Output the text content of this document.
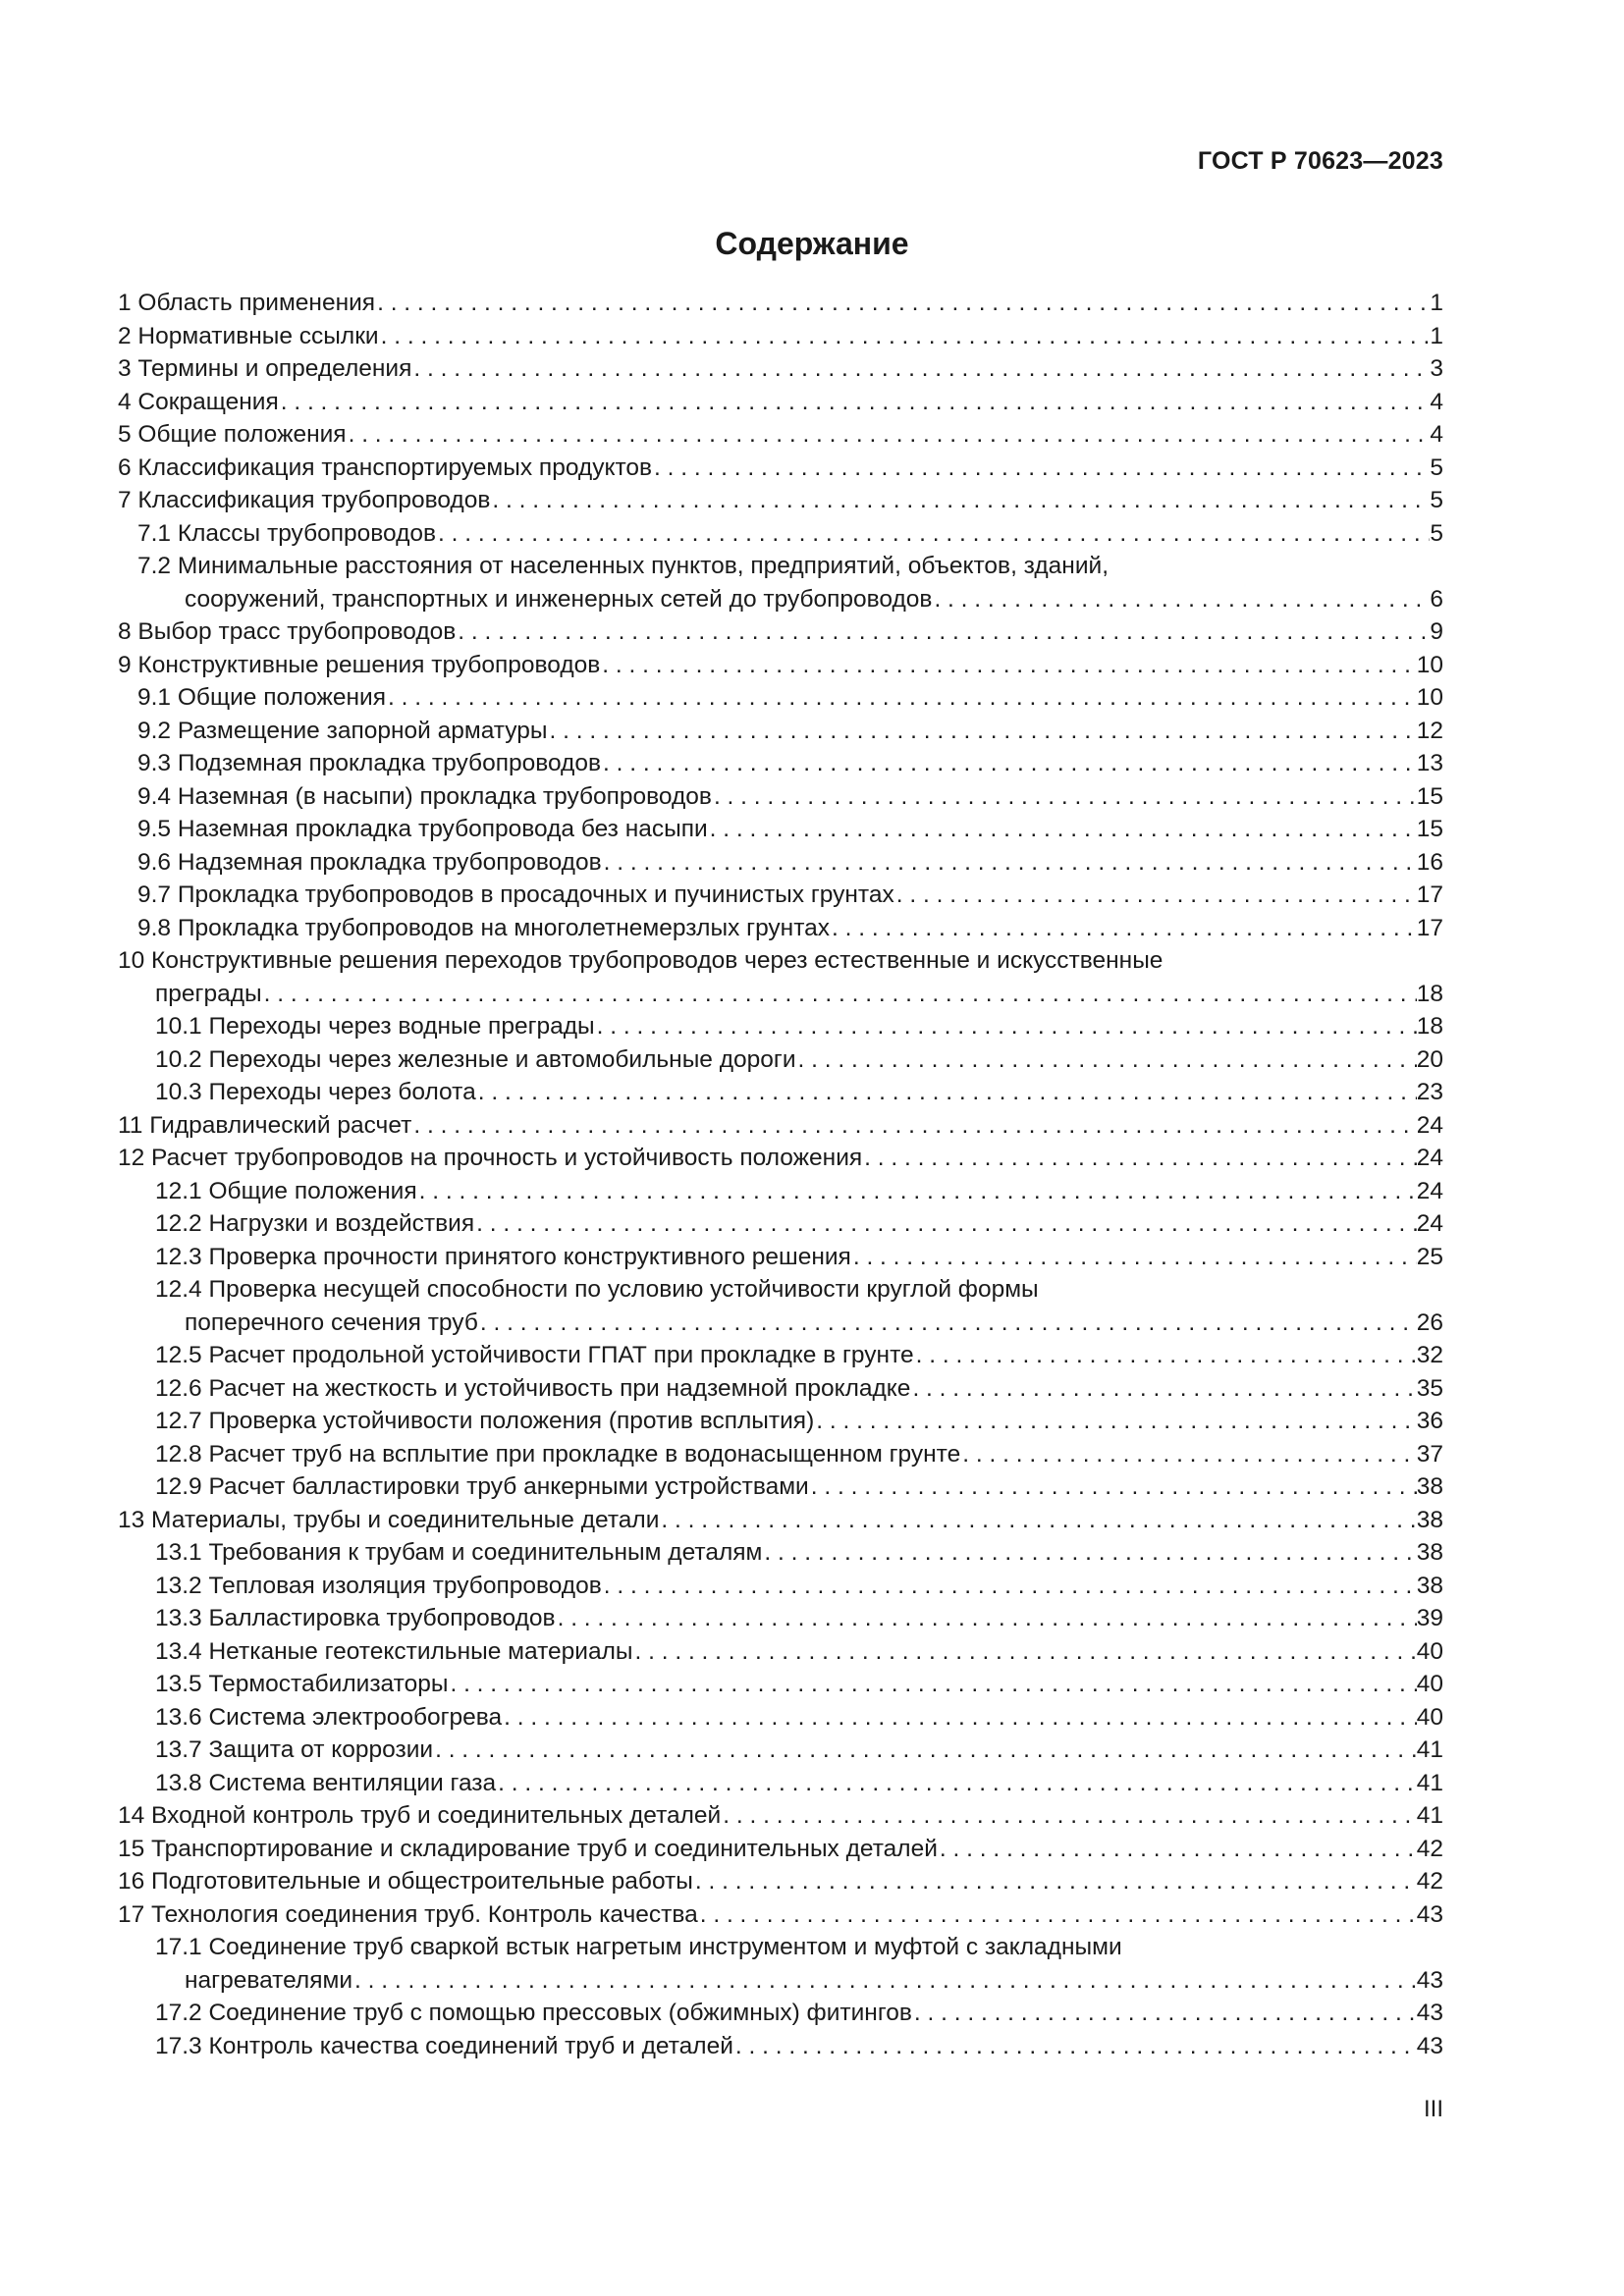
ГОСТ Р 70623—2023
Содержание
1 Область применения . . .	1
2 Нормативные ссылки . . .	1
3 Термины и определения . . .	3
4 Сокращения . . .	4
5 Общие положения . . .	4
6 Классификация транспортируемых продуктов . . .	5
7 Классификация трубопроводов . . .	5
7.1 Классы трубопроводов . . .	5
7.2 Минимальные расстояния от населенных пунктов, предприятий, объектов, зданий,
сооружений, транспортных и инженерных сетей до трубопроводов . . .	6
8 Выбор трасс трубопроводов . . .	9
9 Конструктивные решения трубопроводов . . .	10
9.1 Общие положения . . .	10
9.2 Размещение запорной арматуры . . .	12
9.3 Подземная прокладка трубопроводов . . .	13
9.4 Наземная (в насыпи) прокладка трубопроводов . . .	15
9.5 Наземная прокладка трубопровода без насыпи . . .	15
9.6 Надземная прокладка трубопроводов . . .	16
9.7 Прокладка трубопроводов в просадочных и пучинистых грунтах . . .	17
9.8 Прокладка трубопроводов на многолетнемерзлых грунтах . . .	17
10 Конструктивные решения переходов трубопроводов через естественные и искусственные
преграды . . .	18
10.1 Переходы через водные преграды . . .	18
10.2 Переходы через железные и автомобильные дороги . . .	20
10.3 Переходы через болота . . .	23
11 Гидравлический расчет . . .	24
12 Расчет трубопроводов на прочность и устойчивость положения . . .	24
12.1 Общие положения . . .	24
12.2 Нагрузки и воздействия . . .	24
12.3 Проверка прочности принятого конструктивного решения . . .	25
12.4 Проверка несущей способности по условию устойчивости круглой формы
поперечного сечения труб . . .	26
12.5 Расчет продольной устойчивости ГПАТ при прокладке в грунте . . .	32
12.6 Расчет на жесткость и устойчивость при надземной прокладке . . .	35
12.7 Проверка устойчивости положения (против всплытия) . . .	36
12.8 Расчет труб на всплытие при прокладке в водонасыщенном грунте . . .	37
12.9 Расчет балластировки труб анкерными устройствами . . .	38
13 Материалы, трубы и соединительные детали . . .	38
13.1 Требования к трубам и соединительным деталям . . .	38
13.2 Тепловая изоляция трубопроводов . . .	38
13.3 Балластировка трубопроводов . . .	39
13.4 Нетканые геотекстильные материалы . . .	40
13.5 Термостабилизаторы . . .	40
13.6 Система электрообогрева . . .	40
13.7 Защита от коррозии . . .	41
13.8 Система вентиляции газа . . .	41
14 Входной контроль труб и соединительных деталей . . .	41
15 Транспортирование и складирование труб и соединительных деталей . . .	42
16 Подготовительные и общестроительные работы . . .	42
17 Технология соединения труб. Контроль качества . . .	43
17.1 Соединение труб сваркой встык нагретым инструментом и муфтой с закладными
нагревателями . . .	43
17.2 Соединение труб с помощью прессовых (обжимных) фитингов . . .	43
17.3 Контроль качества соединений труб и деталей . . .	43
III
